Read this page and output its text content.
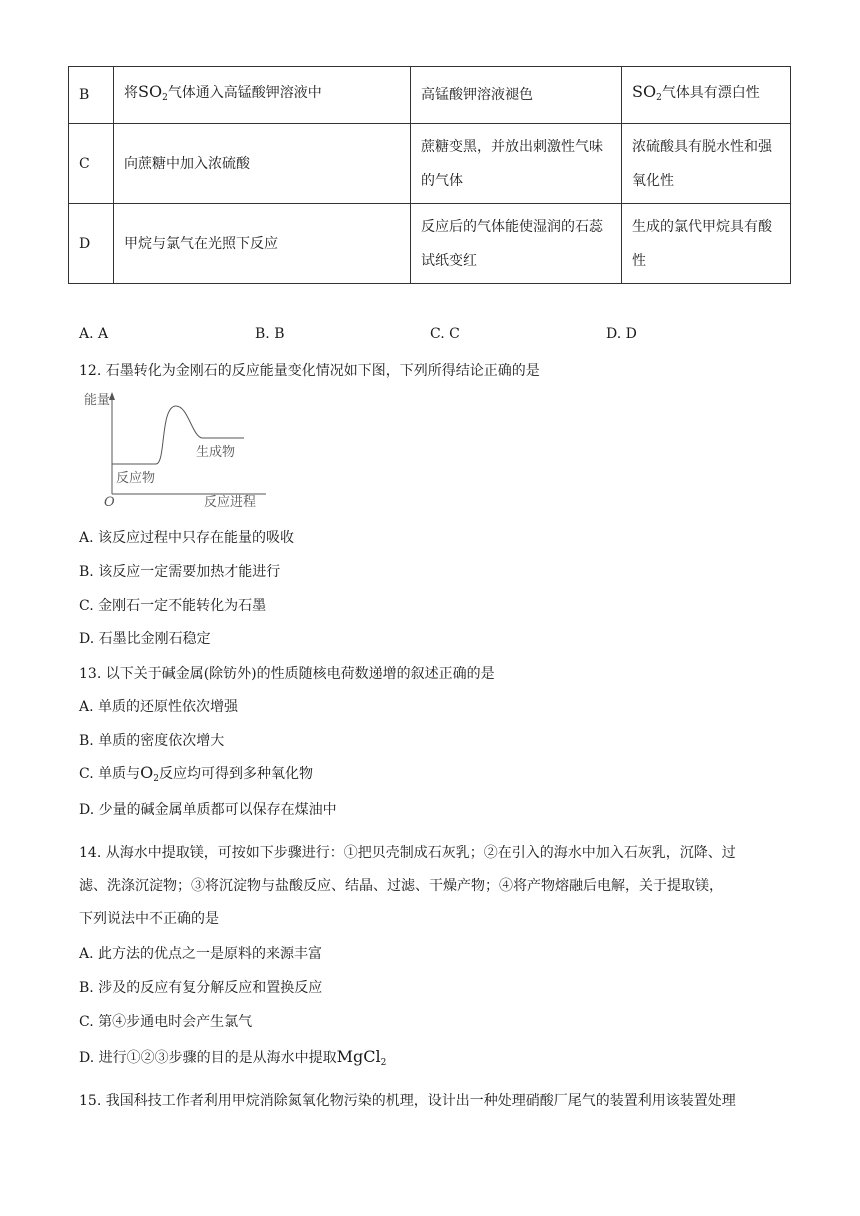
B	将$SO_2$气体通入高锰酸钾溶液中	高锰酸钾溶液褪色	$SO_2$气体具有漂白性
C	向蔗糖中加入浓硫酸	蔗糖变黑，并放出刺激性气味的气体	浓硫酸具有脱水性和强氧化性
D	甲烷与氯气在光照下反应	反应后的气体能使湿润的石蕊试纸变红	生成的氯代甲烷具有酸性
A. A	B. B	C. C	D. D
12. 石墨转化为金刚石的反应能量变化情况如下图，下列所得结论正确的是
能量
O	反应进程
反应物
生成物
A. 该反应过程中只存在能量的吸收
B. 该反应一定需要加热才能进行
C. 金刚石一定不能转化为石墨
D. 石墨比金刚石稳定
13. 以下关于碱金属(除钫外)的性质随核电荷数递增的叙述正确的是
A. 单质的还原性依次增强
B. 单质的密度依次增大
C. 单质与$O_2$反应均可得到多种氧化物
D. 少量的碱金属单质都可以保存在煤油中
14. 从海水中提取镁，可按如下步骤进行：①把贝壳制成石灰乳；②在引入的海水中加入石灰乳，沉降、过
滤、洗涤沉淀物；③将沉淀物与盐酸反应、结晶、过滤、干燥产物；④将产物熔融后电解，关于提取镁，
下列说法中不正确的是
A. 此方法的优点之一是原料的来源丰富
B. 涉及的反应有复分解反应和置换反应
C. 第④步通电时会产生氯气
D. 进行①②③步骤的目的是从海水中提取MgCl$_2$
15. 我国科技工作者利用甲烷消除氮氧化物污染的机理，设计出一种处理硝酸厂尾气的装置利用该装置处理
